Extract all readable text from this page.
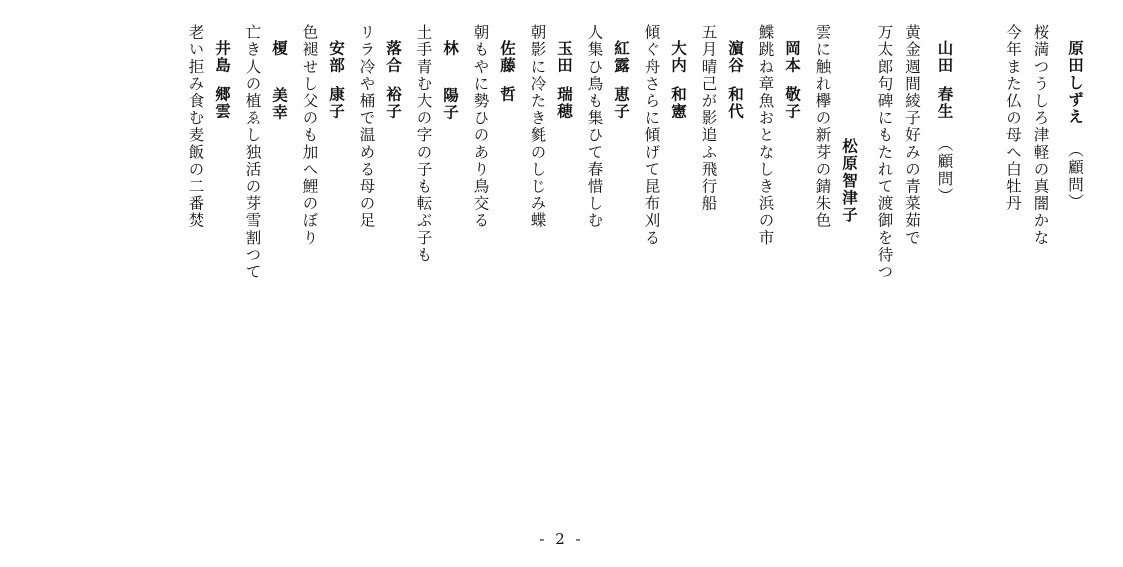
原田しずえ（顧問）
桜満つうしろ津軽の真闇かな
今年また仏の母へ白牡丹
山田春生（顧問）
黄金週間綾子好みの青菜茹で
万太郎句碑にもたれて渡御を待つ
松原智津子
雲に触れ欅の新芽の錆朱色
岡本敬子
鰈跳ね章魚おとなしき浜の市
濵谷和代
五月晴己が影追ふ飛行船
大内和憲
傾ぐ舟さらに傾げて昆布刈る
紅露恵子
人集ひ鳥も集ひて春惜しむ
玉田瑞穂
朝影に冷たき毿のしじみ蝶
佐藤哲
朝もやに勢ひのあり鳥交る
林陽子
土手青む大の字の子も転ぶ子も
落合裕子
リラ冷や桶で温める母の足
安部康子
色褪せし父のも加へ鯉のぼり
榎美幸
亡き人の植ゑし独活の芽雪割つて
井島郷雲
老い拒み食む麦飯の二番焚
- 2 -
